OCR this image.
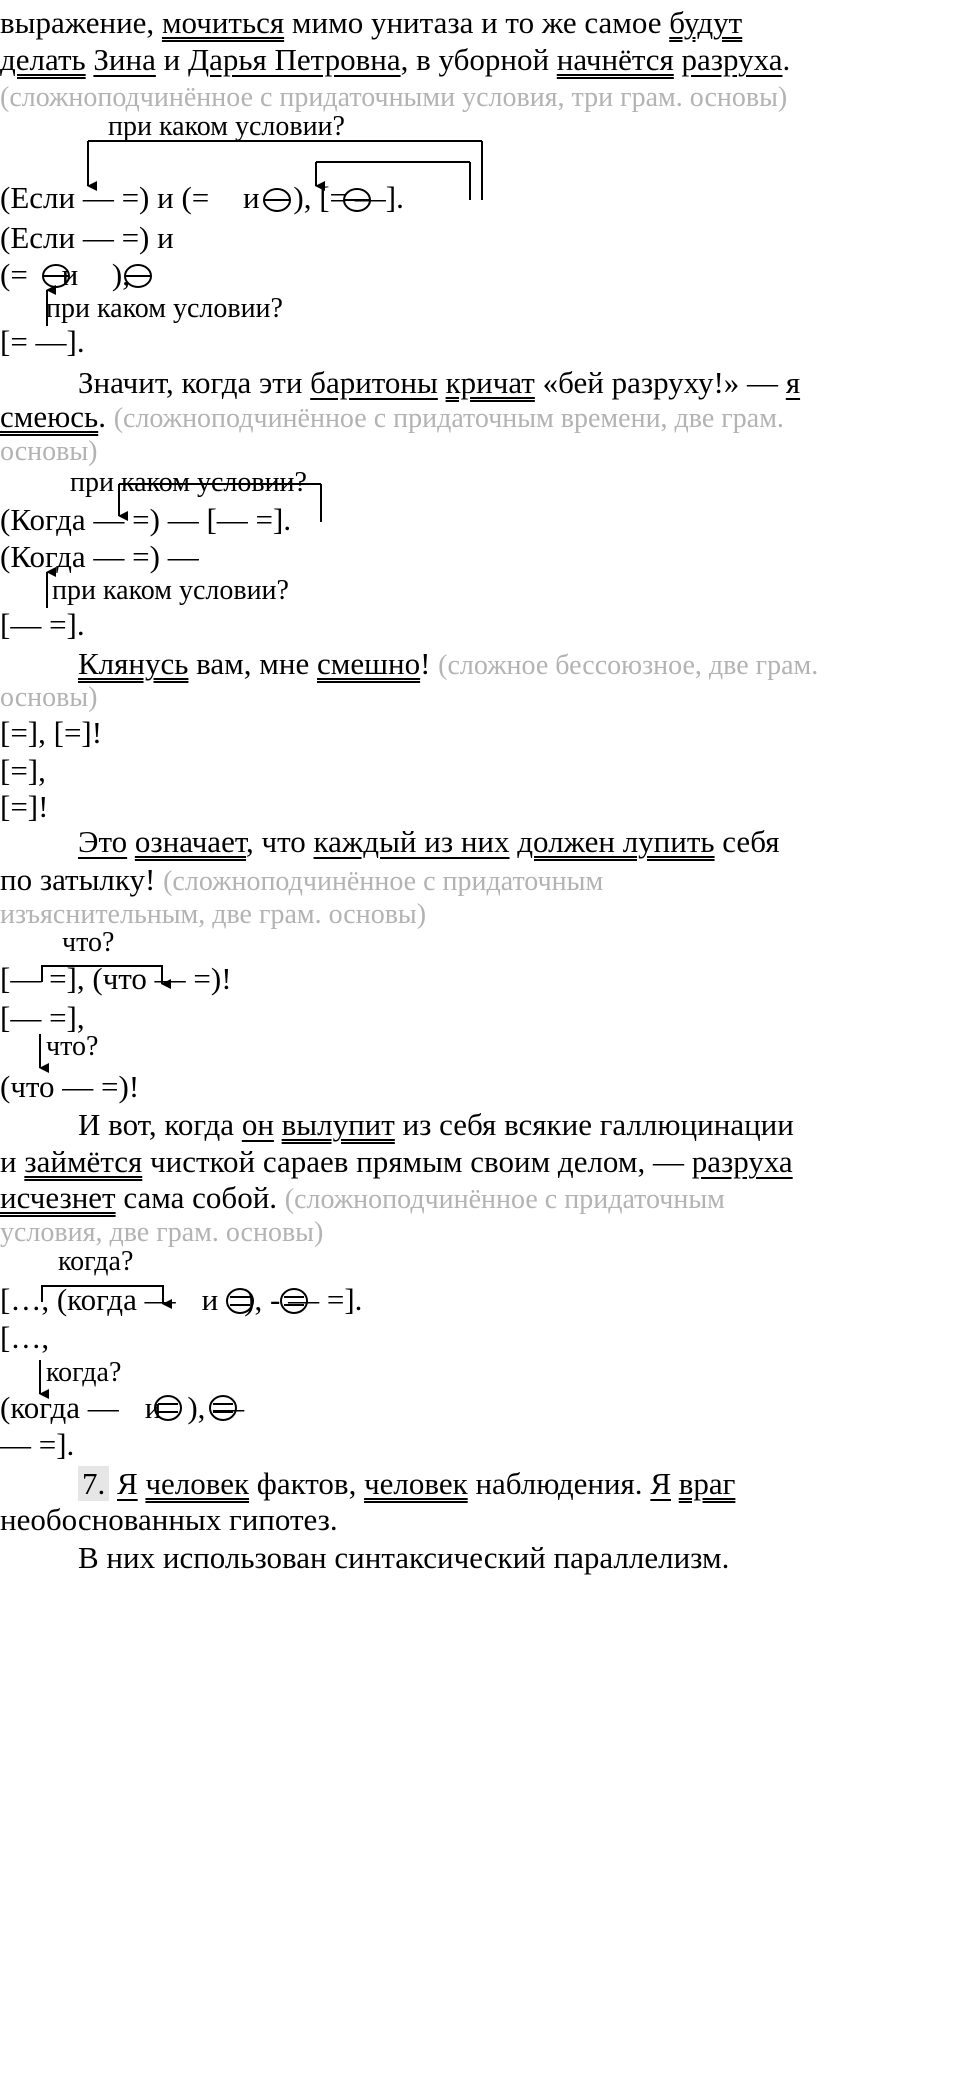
выражение, мочиться мимо унитаза и то же самое будут
делать Зина и Дарья Петровна, в уборной начнётся разруха.
(сложноподчинённое с придаточными условия, три грам. основы)
при каком условии?
(Если — =) и (= и ), [= —].
(Если — =) и
(= и ),
при каком условии?
[= —].
Значит, когда эти баритоны кричат «бей разруху!» — я
смеюсь. (сложноподчинённое с придаточным времени, две грам.
основы)
при каком условии?
(Когда — =) — [— =].
(Когда — =) —
при каком условии?
[— =].
Клянусь вам, мне смешно! (сложное бессоюзное, две грам.
основы)
[=], [=]!
[=],
[=]!
Это означает, что каждый из них должен лупить себя
по затылку! (сложноподчинённое с придаточным
изъяснительным, две грам. основы)
что?
[— =], (что — =)!
[— =],
что?
(что — =)!
И вот, когда он вылупит из себя всякие галлюцинации
и займётся чисткой сараев прямым своим делом, — разруха
исчезнет сама собой. (сложноподчинённое с придаточным
условия, две грам. основы)
когда?
[…, (когда — и ), - — =].
[…,
когда?
(когда — и ), —
— =].
7. Я человек фактов, человек наблюдения. Я враг
необоснованных гипотез.
В них использован синтаксический параллелизм.
